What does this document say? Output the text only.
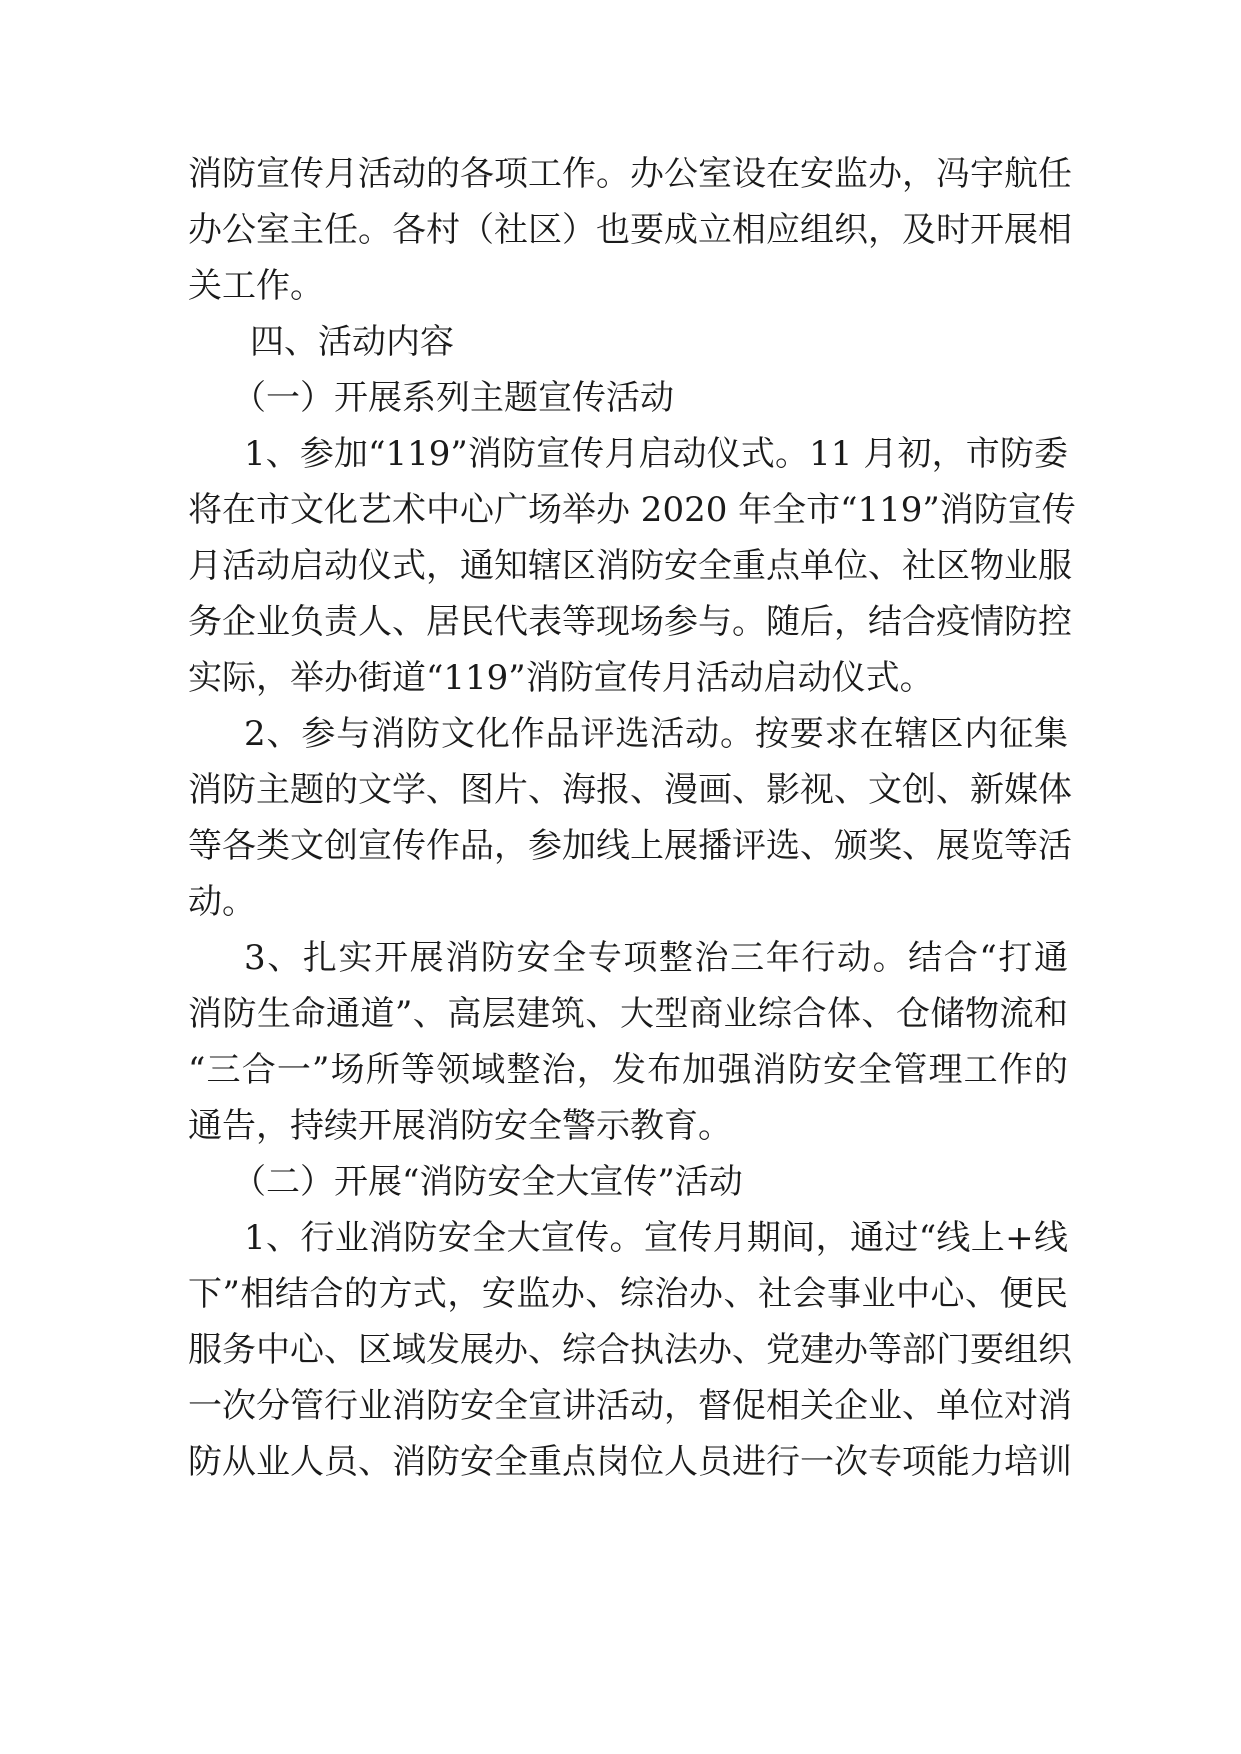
消防宣传月活动的各项工作。办公室设在安监办，冯宇航任

办公室主任。各村（社区）也要成立相应组织，及时开展相

关工作。

四、活动内容

（一）开展系列主题宣传活动

1、参加“119”消防宣传月启动仪式。11 月初，市防委

将在市文化艺术中心广场举办 2020 年全市“119”消防宣传

月活动启动仪式，通知辖区消防安全重点单位、社区物业服

务企业负责人、居民代表等现场参与。随后，结合疫情防控

实际，举办街道“119”消防宣传月活动启动仪式。

2、参与消防文化作品评选活动。按要求在辖区内征集

消防主题的文学、图片、海报、漫画、影视、文创、新媒体

等各类文创宣传作品，参加线上展播评选、颁奖、展览等活

动。

3、扎实开展消防安全专项整治三年行动。结合“打通

消防生命通道”、高层建筑、大型商业综合体、仓储物流和

“三合一”场所等领域整治，发布加强消防安全管理工作的

通告，持续开展消防安全警示教育。

（二）开展“消防安全大宣传”活动

1、行业消防安全大宣传。宣传月期间，通过“线上+线

下”相结合的方式，安监办、综治办、社会事业中心、便民

服务中心、区域发展办、综合执法办、党建办等部门要组织

一次分管行业消防安全宣讲活动，督促相关企业、单位对消

防从业人员、消防安全重点岗位人员进行一次专项能力培训
